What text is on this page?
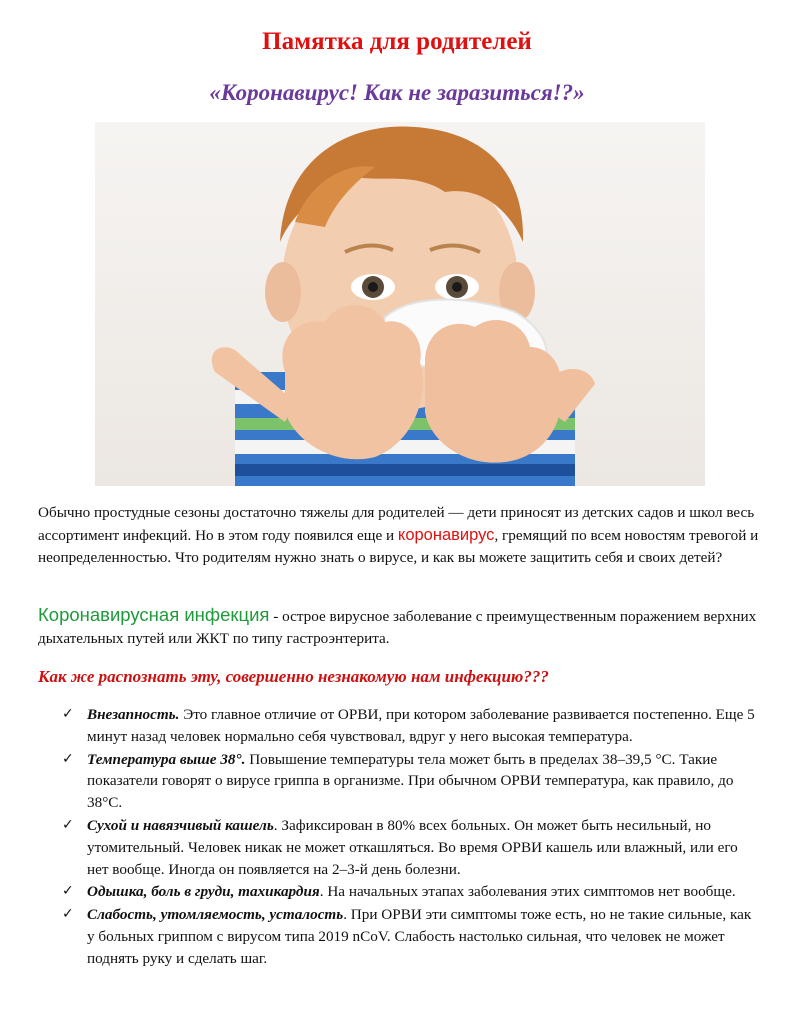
Памятка для родителей
«Коронавирус! Как не заразиться!?»
Обычно простудные сезоны достаточно тяжелы для родителей — дети приносят из детских садов и школ весь ассортимент инфекций. Но в этом году появился еще и коронавирус, гремящий по всем новостям тревогой и неопределенностью. Что родителям нужно знать о вирусе, и как вы можете защитить себя и своих детей?
Коронавирусная инфекция - острое вирусное заболевание с преимущественным поражением верхних дыхательных путей или ЖКТ по типу гастроэнтерита.
Как же распознать эту, совершенно незнакомую нам инфекцию???
✓ Внезапность. Это главное отличие от ОРВИ, при котором заболевание развивается постепенно. Еще 5 минут назад человек нормально себя чувствовал, вдруг у него высокая температура.
✓ Температура выше 38°. Повышение температуры тела может быть в пределах 38–39,5 °C. Такие показатели говорят о вирусе гриппа в организме. При обычном ОРВИ температура, как правило, до 38°C.
✓ Сухой и навязчивый кашель. Зафиксирован в 80% всех больных. Он может быть несильный, но утомительный. Человек никак не может откашляться. Во время ОРВИ кашель или влажный, или его нет вообще. Иногда он появляется на 2–3-й день болезни.
✓ Одышка, боль в груди, тахикардия. На начальных этапах заболевания этих симптомов нет вообще.
✓ Слабость, утомляемость, усталость. При ОРВИ эти симптомы тоже есть, но не такие сильные, как у больных гриппом с вирусом типа 2019 nCoV. Слабость настолько сильная, что человек не может поднять руку и сделать шаг.
